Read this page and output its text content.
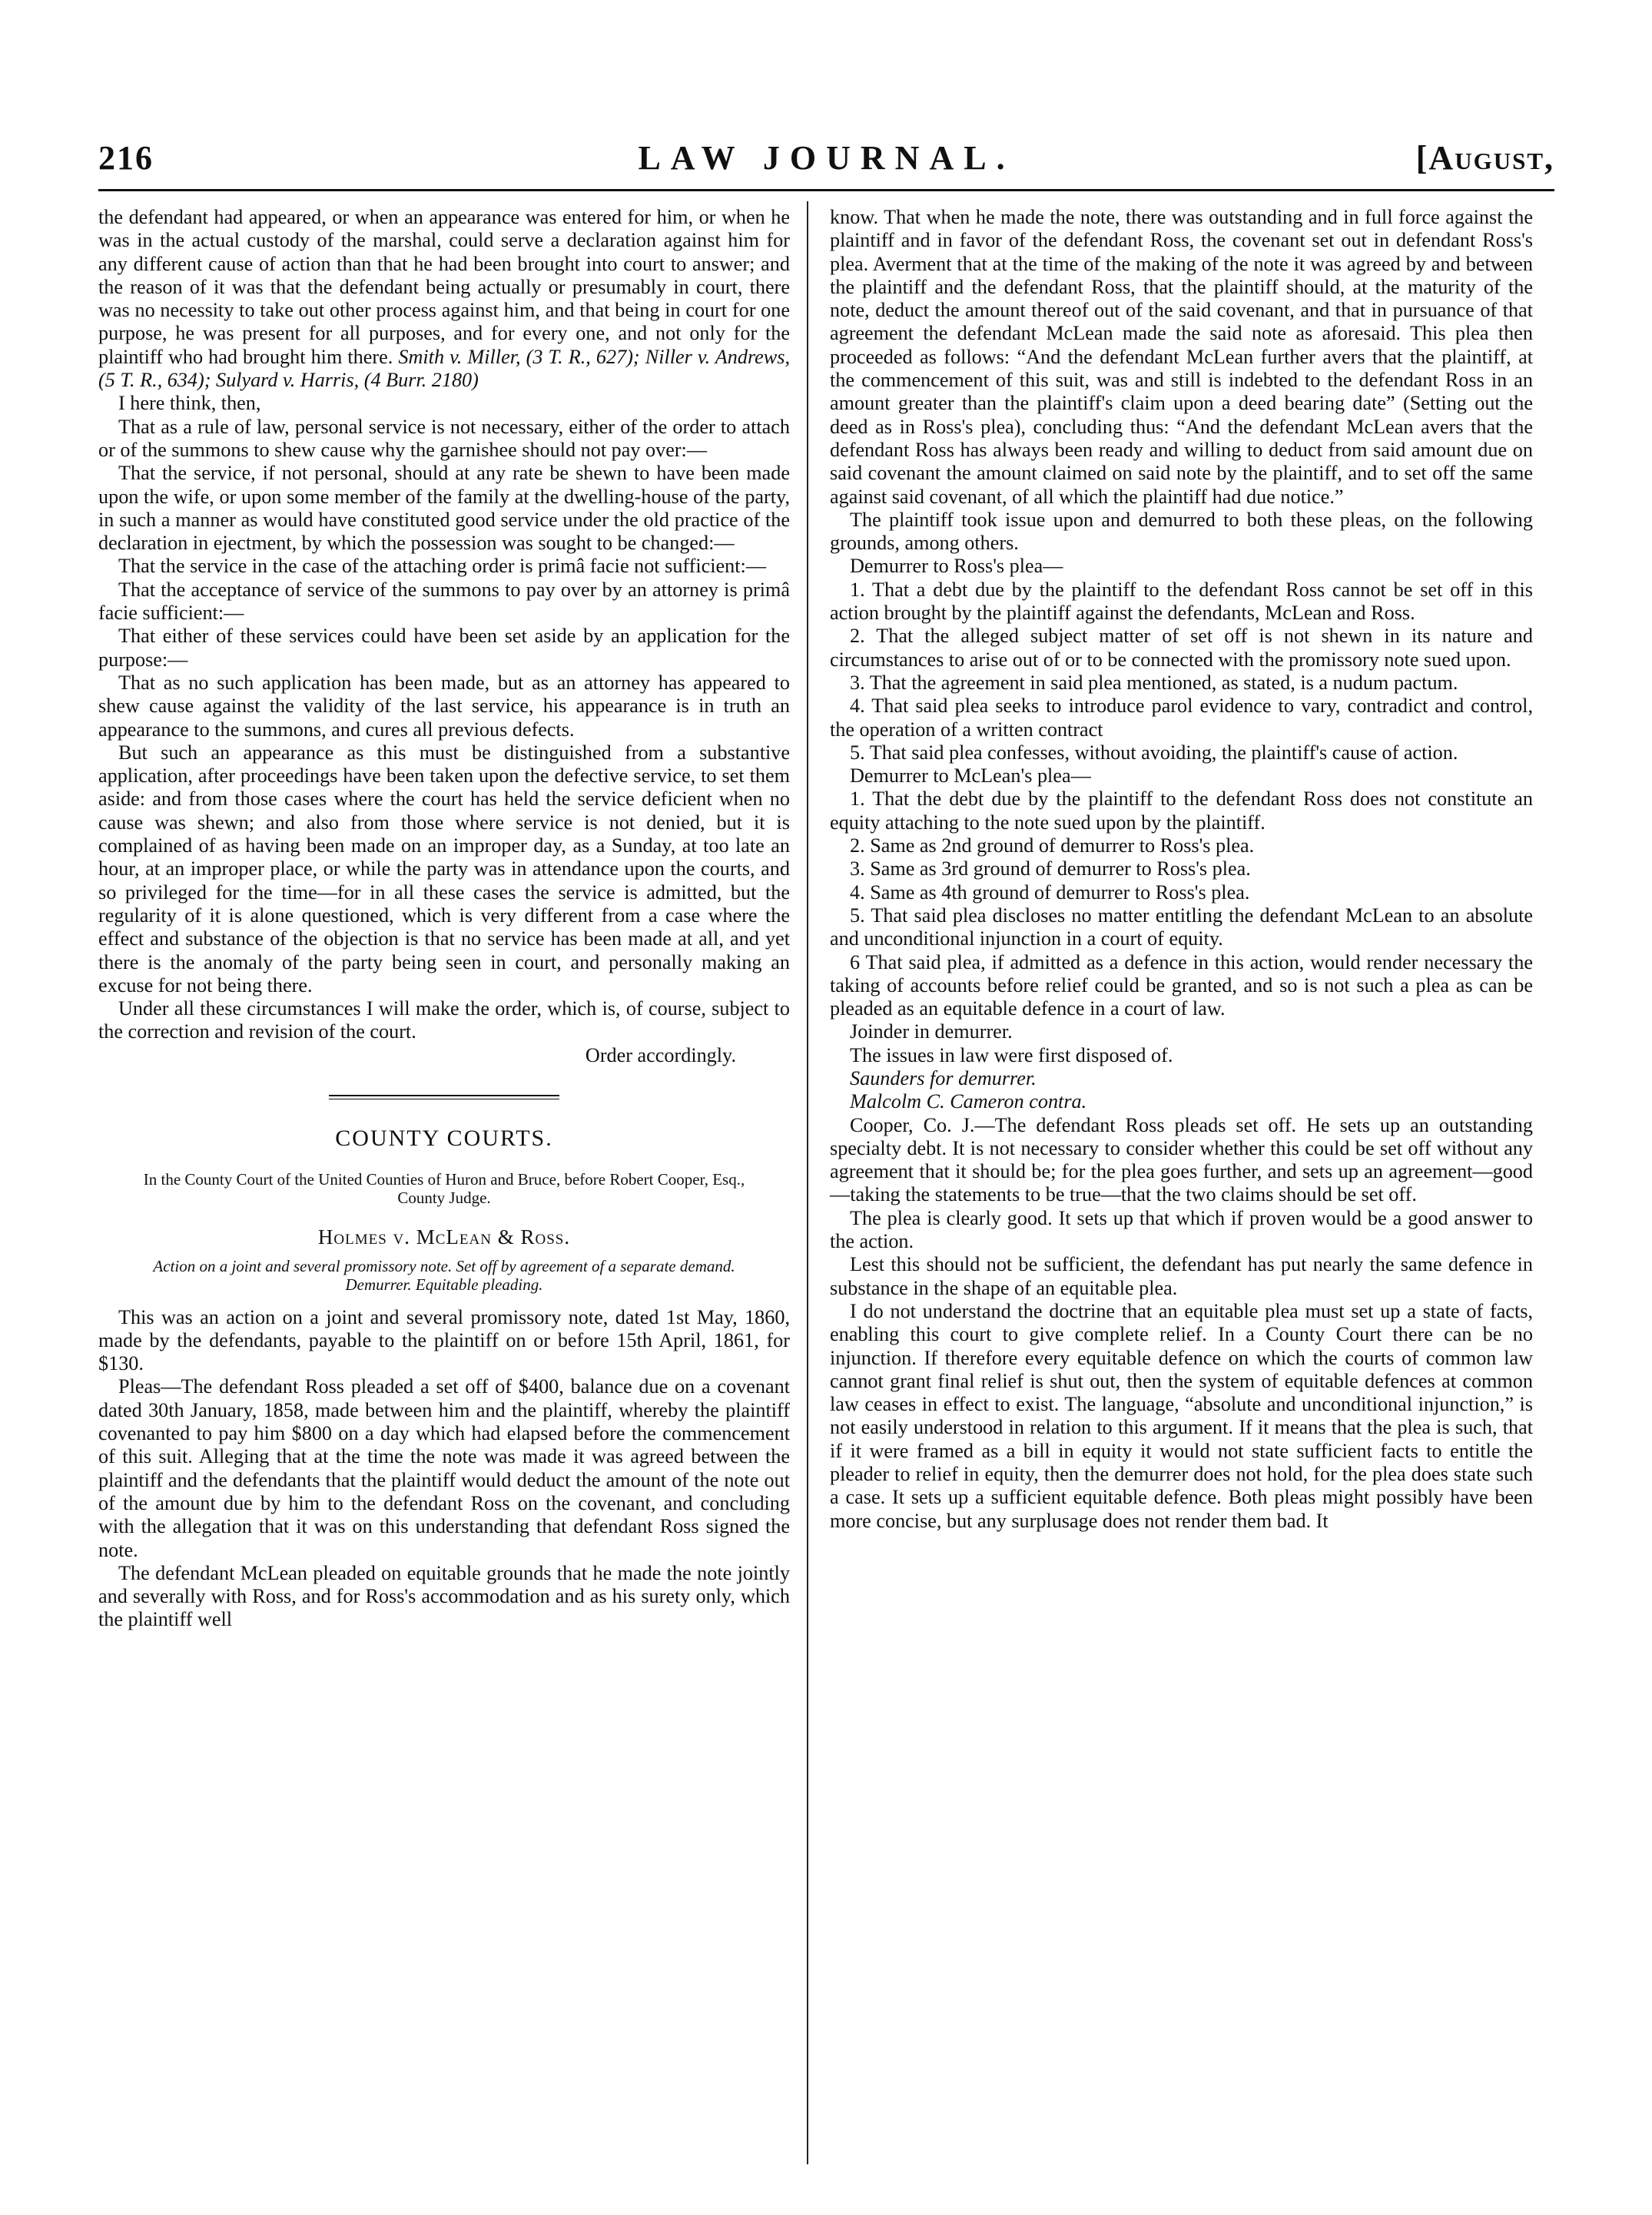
216	LAW JOURNAL.	[August,

the defendant had appeared, or when an appearance was entered for him, or when he was in the actual custody of the marshal, could serve a declaration against him for any different cause of action than that he had been brought into court to answer; and the reason of it was that the defendant being actually or presumably in court, there was no necessity to take out other process against him, and that being in court for one purpose, he was present for all purposes, and for every one, and not only for the plaintiff who had brought him there. Smith v. Miller, (3 T. R., 627); Niller v. Andrews, (5 T. R., 634); Sulyard v. Harris, (4 Burr. 2180)

I here think, then,

That as a rule of law, personal service is not necessary, either of the order to attach or of the summons to shew cause why the garnishee should not pay over:—

That the service, if not personal, should at any rate be shewn to have been made upon the wife, or upon some member of the family at the dwelling-house of the party, in such a manner as would have constituted good service under the old practice of the declaration in ejectment, by which the possession was sought to be changed:—

That the service in the case of the attaching order is primâ facie not sufficient:—

That the acceptance of service of the summons to pay over by an attorney is primâ facie sufficient:—

That either of these services could have been set aside by an application for the purpose:—

That as no such application has been made, but as an attorney has appeared to shew cause against the validity of the last service, his appearance is in truth an appearance to the summons, and cures all previous defects.

But such an appearance as this must be distinguished from a substantive application, after proceedings have been taken upon the defective service, to set them aside: and from those cases where the court has held the service deficient when no cause was shewn; and also from those where service is not denied, but it is complained of as having been made on an improper day, as a Sunday, at too late an hour, at an improper place, or while the party was in attendance upon the courts, and so privileged for the time—for in all these cases the service is admitted, but the regularity of it is alone questioned, which is very different from a case where the effect and substance of the objection is that no service has been made at all, and yet there is the anomaly of the party being seen in court, and personally making an excuse for not being there.

Under all these circumstances I will make the order, which is, of course, subject to the correction and revision of the court.

Order accordingly.

COUNTY COURTS.
In the County Court of the United Counties of Huron and Bruce, before Robert Cooper, Esq., County Judge.
Holmes v. McLean & Ross.
Action on a joint and several promissory note. Set off by agreement of a separate demand. Demurrer. Equitable pleading.

This was an action on a joint and several promissory note, dated 1st May, 1860, made by the defendants, payable to the plaintiff on or before 15th April, 1861, for $130.

Pleas—The defendant Ross pleaded a set off of $400, balance due on a covenant dated 30th January, 1858, made between him and the plaintiff, whereby the plaintiff covenanted to pay him $800 on a day which had elapsed before the commencement of this suit. Alleging that at the time the note was made it was agreed between the plaintiff and the defendants that the plaintiff would deduct the amount of the note out of the amount due by him to the defendant Ross on the covenant, and concluding with the allegation that it was on this understanding that defendant Ross signed the note.

The defendant McLean pleaded on equitable grounds that he made the note jointly and severally with Ross, and for Ross's accommodation and as his surety only, which the plaintiff well

know. That when he made the note, there was outstanding and in full force against the plaintiff and in favor of the defendant Ross, the covenant set out in defendant Ross's plea. Averment that at the time of the making of the note it was agreed by and between the plaintiff and the defendant Ross, that the plaintiff should, at the maturity of the note, deduct the amount thereof out of the said covenant, and that in pursuance of that agreement the defendant McLean made the said note as aforesaid. This plea then proceeded as follows: “And the defendant McLean further avers that the plaintiff, at the commencement of this suit, was and still is indebted to the defendant Ross in an amount greater than the plaintiff's claim upon a deed bearing date” (Setting out the deed as in Ross's plea), concluding thus: “And the defendant McLean avers that the defendant Ross has always been ready and willing to deduct from said amount due on said covenant the amount claimed on said note by the plaintiff, and to set off the same against said covenant, of all which the plaintiff had due notice.”

The plaintiff took issue upon and demurred to both these pleas, on the following grounds, among others.

Demurrer to Ross's plea—

1. That a debt due by the plaintiff to the defendant Ross cannot be set off in this action brought by the plaintiff against the defendants, McLean and Ross.

2. That the alleged subject matter of set off is not shewn in its nature and circumstances to arise out of or to be connected with the promissory note sued upon.

3. That the agreement in said plea mentioned, as stated, is a nudum pactum.

4. That said plea seeks to introduce parol evidence to vary, contradict and control, the operation of a written contract

5. That said plea confesses, without avoiding, the plaintiff's cause of action.

Demurrer to McLean's plea—

1. That the debt due by the plaintiff to the defendant Ross does not constitute an equity attaching to the note sued upon by the plaintiff.

2. Same as 2nd ground of demurrer to Ross's plea.

3. Same as 3rd ground of demurrer to Ross's plea.

4. Same as 4th ground of demurrer to Ross's plea.

5. That said plea discloses no matter entitling the defendant McLean to an absolute and unconditional injunction in a court of equity.

6 That said plea, if admitted as a defence in this action, would render necessary the taking of accounts before relief could be granted, and so is not such a plea as can be pleaded as an equitable defence in a court of law.

Joinder in demurrer.

The issues in law were first disposed of.

Saunders for demurrer.

Malcolm C. Cameron contra.

Cooper, Co. J.—The defendant Ross pleads set off. He sets up an outstanding specialty debt. It is not necessary to consider whether this could be set off without any agreement that it should be; for the plea goes further, and sets up an agreement—good—taking the statements to be true—that the two claims should be set off.

The plea is clearly good. It sets up that which if proven would be a good answer to the action.

Lest this should not be sufficient, the defendant has put nearly the same defence in substance in the shape of an equitable plea.

I do not understand the doctrine that an equitable plea must set up a state of facts, enabling this court to give complete relief. In a County Court there can be no injunction. If therefore every equitable defence on which the courts of common law cannot grant final relief is shut out, then the system of equitable defences at common law ceases in effect to exist. The language, “absolute and unconditional injunction,” is not easily understood in relation to this argument. If it means that the plea is such, that if it were framed as a bill in equity it would not state sufficient facts to entitle the pleader to relief in equity, then the demurrer does not hold, for the plea does state such a case. It sets up a sufficient equitable defence. Both pleas might possibly have been more concise, but any surplusage does not render them bad. It
